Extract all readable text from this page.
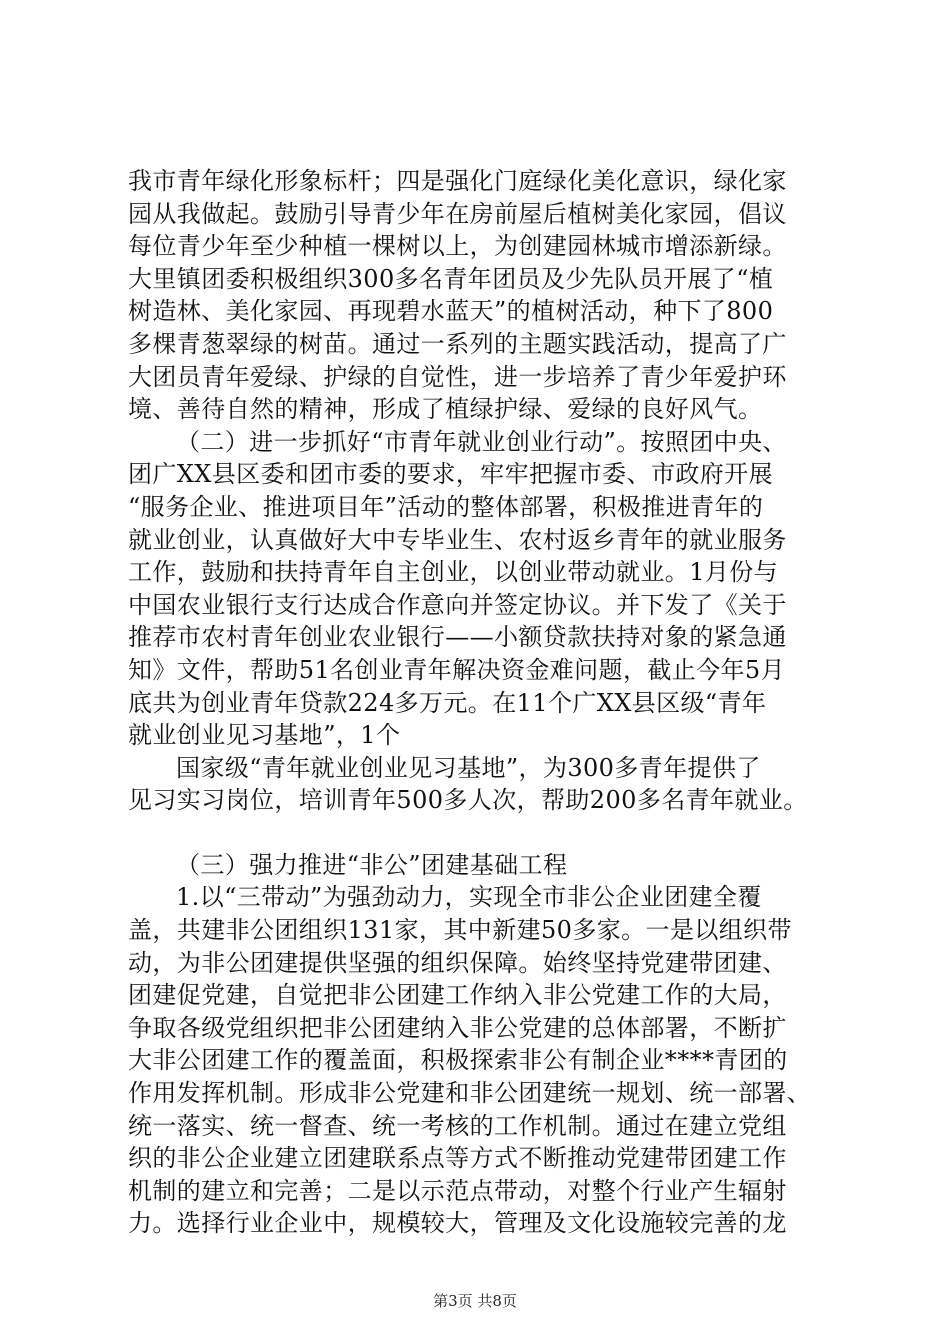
我市青年绿化形象标杆；四是强化门庭绿化美化意识，绿化家
园从我做起。鼓励引导青少年在房前屋后植树美化家园，倡议
每位青少年至少种植一棵树以上，为创建园林城市增添新绿。
大里镇团委积极组织300多名青年团员及少先队员开展了“植
树造林、美化家园、再现碧水蓝天”的植树活动，种下了800
多棵青葱翠绿的树苗。通过一系列的主题实践活动，提高了广
大团员青年爱绿、护绿的自觉性，进一步培养了青少年爱护环
境、善待自然的精神，形成了植绿护绿、爱绿的良好风气。
（二）进一步抓好“市青年就业创业行动”。按照团中央、
团广XX县区委和团市委的要求，牢牢把握市委、市政府开展
“服务企业、推进项目年”活动的整体部署，积极推进青年的
就业创业，认真做好大中专毕业生、农村返乡青年的就业服务
工作，鼓励和扶持青年自主创业，以创业带动就业。1月份与
中国农业银行支行达成合作意向并签定协议。并下发了《关于
推荐市农村青年创业农业银行——小额贷款扶持对象的紧急通
知》文件，帮助51名创业青年解决资金难问题，截止今年5月
底共为创业青年贷款224多万元。在11个广XX县区级“青年
就业创业见习基地”，1个
国家级“青年就业创业见习基地”，为300多青年提供了
见习实习岗位，培训青年500多人次，帮助200多名青年就业。
（三）强力推进“非公”团建基础工程
1.以“三带动”为强劲动力，实现全市非公企业团建全覆
盖，共建非公团组织131家，其中新建50多家。一是以组织带
动，为非公团建提供坚强的组织保障。始终坚持党建带团建、
团建促党建，自觉把非公团建工作纳入非公党建工作的大局，
争取各级党组织把非公团建纳入非公党建的总体部署，不断扩
大非公团建工作的覆盖面，积极探索非公有制企业****青团的
作用发挥机制。形成非公党建和非公团建统一规划、统一部署、
统一落实、统一督查、统一考核的工作机制。通过在建立党组
织的非公企业建立团建联系点等方式不断推动党建带团建工作
机制的建立和完善；二是以示范点带动，对整个行业产生辐射
力。选择行业企业中，规模较大，管理及文化设施较完善的龙
第3页 共8页
